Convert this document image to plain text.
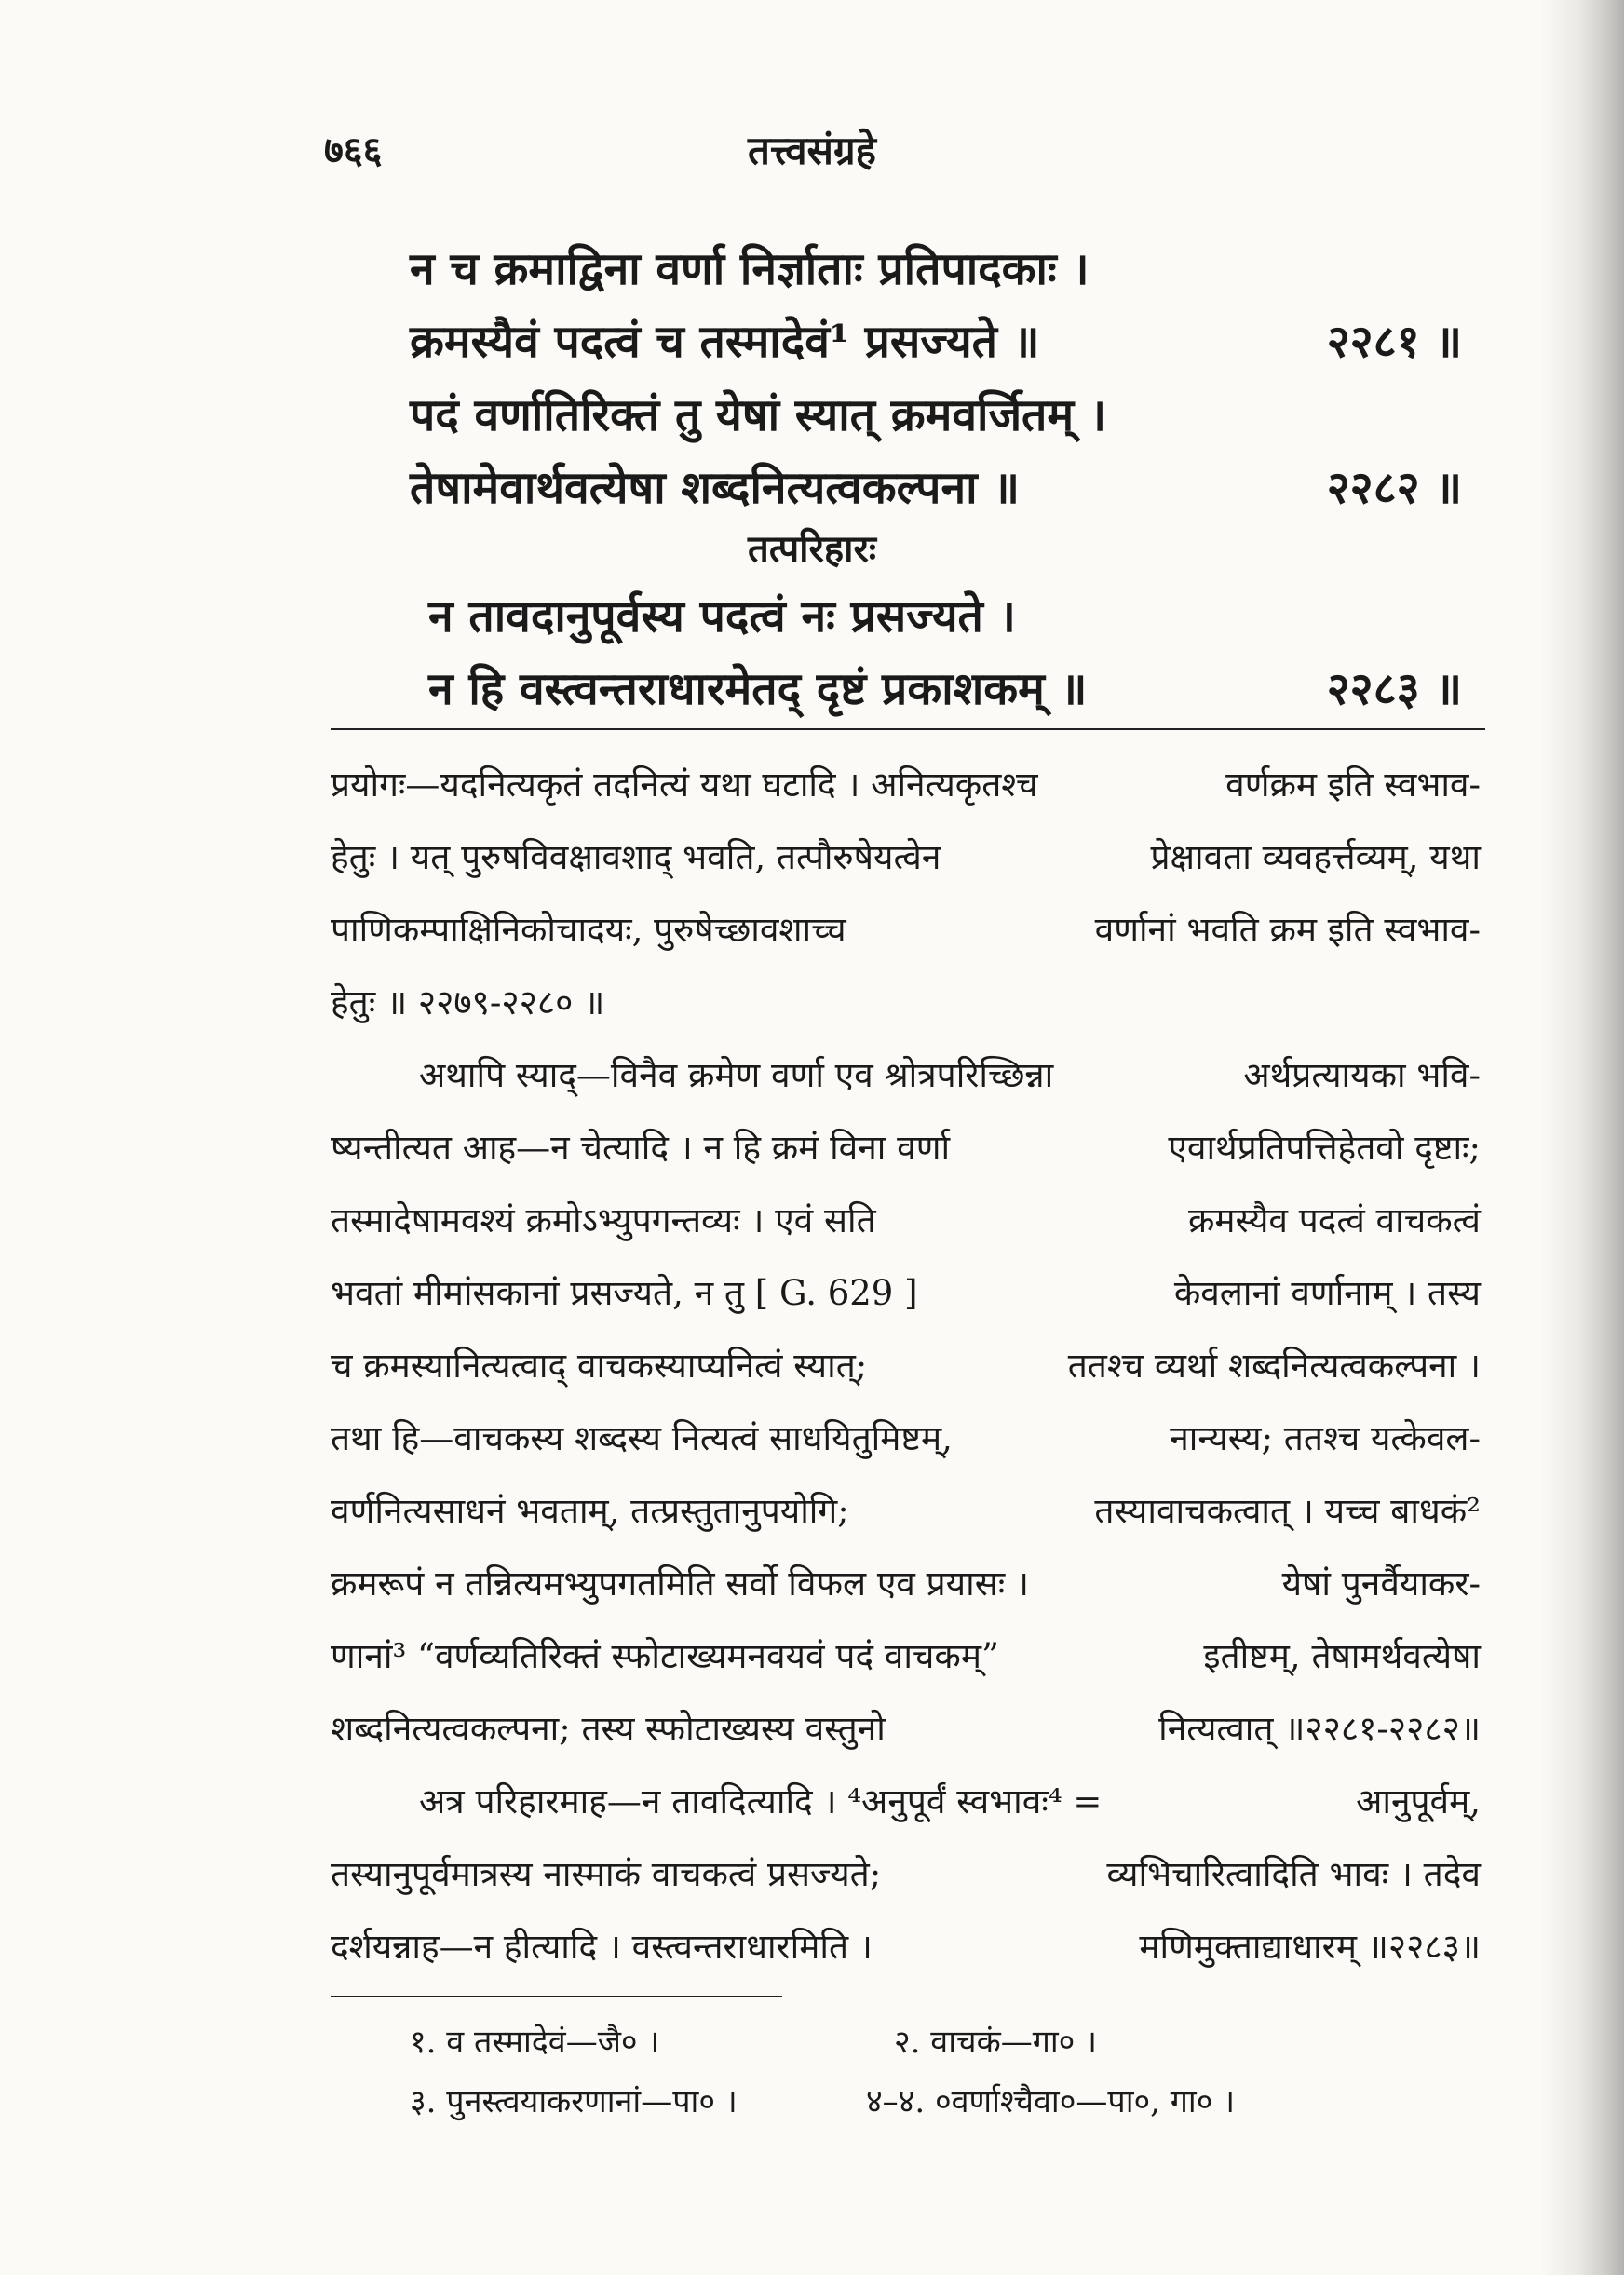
७६६	तत्त्वसंग्रहे
न च क्रमाद्विना वर्णा निर्ज्ञाताः प्रतिपादकाः ।
क्रमस्यैवं पदत्वं च तस्मादेवं¹ प्रसज्यते ॥	२२८१ ॥
पदं वर्णातिरिक्तं तु येषां स्यात् क्रमवर्जितम् ।
तेषामेवार्थवत्येषा शब्दनित्यत्वकल्पना ॥	२२८२ ॥
तत्परिहारः
न तावदानुपूर्वस्य पदत्वं नः प्रसज्यते ।
न हि वस्त्वन्तराधारमेतद् दृष्टं प्रकाशकम् ॥	२२८३ ॥
प्रयोगः—यदनित्यकृतं तदनित्यं यथा घटादि । अनित्यकृतश्च	वर्णक्रम इति स्वभाव-
हेतुः । यत् पुरुषविवक्षावशाद् भवति, तत्पौरुषेयत्वेन	प्रेक्षावता व्यवहर्त्तव्यम्, यथा
पाणिकम्पाक्षिनिकोचादयः, पुरुषेच्छावशाच्च	वर्णानां भवति क्रम इति स्वभाव-
हेतुः ॥ २२७९-२२८० ॥
अथापि स्याद्—विनैव क्रमेण वर्णा एव श्रोत्रपरिच्छिन्ना	अर्थप्रत्यायका भवि-
ष्यन्तीत्यत आह—न चेत्यादि । न हि क्रमं विना वर्णा	एवार्थप्रतिपत्तिहेतवो दृष्टाः;
तस्मादेषामवश्यं क्रमोऽभ्युपगन्तव्यः । एवं सति	क्रमस्यैव पदत्वं वाचकत्वं
भवतां मीमांसकानां प्रसज्यते, न तु [ G. 629 ]	केवलानां वर्णानाम् । तस्य
च क्रमस्यानित्यत्वाद् वाचकस्याप्यनित्वं स्यात्;	ततश्च व्यर्था शब्दनित्यत्वकल्पना ।
तथा हि—वाचकस्य शब्दस्य नित्यत्वं साधयितुमिष्टम्,	नान्यस्य; ततश्च यत्केवल-
वर्णनित्यसाधनं भवताम्, तत्प्रस्तुतानुपयोगि;	तस्यावाचकत्वात् । यच्च बाधकं²
क्रमरूपं न तन्नित्यमभ्युपगतमिति सर्वो विफल एव प्रयासः ।	येषां पुनर्वैयाकर-
णानां³ “वर्णव्यतिरिक्तं स्फोटाख्यमनवयवं पदं वाचकम्”	इतीष्टम्, तेषामर्थवत्येषा
शब्दनित्यत्वकल्पना; तस्य स्फोटाख्यस्य वस्तुनो	नित्यत्वात् ॥२२८१-२२८२॥
अत्र परिहारमाह—न तावदित्यादि । ⁴अनुपूर्वं स्वभावः⁴ =	आनुपूर्वम्,
तस्यानुपूर्वमात्रस्य नास्माकं वाचकत्वं प्रसज्यते;	व्यभिचारित्वादिति भावः । तदेव
दर्शयन्नाह—न हीत्यादि । वस्त्वन्तराधारमिति ।	मणिमुक्ताद्याधारम् ॥२२८३॥
१. व तस्मादेवं—जै० ।	२. वाचकं—गा० ।
३. पुनस्त्वयाकरणानां—पा० ।	४–४. ०वर्णाश्चैवा०—पा०, गा० ।
